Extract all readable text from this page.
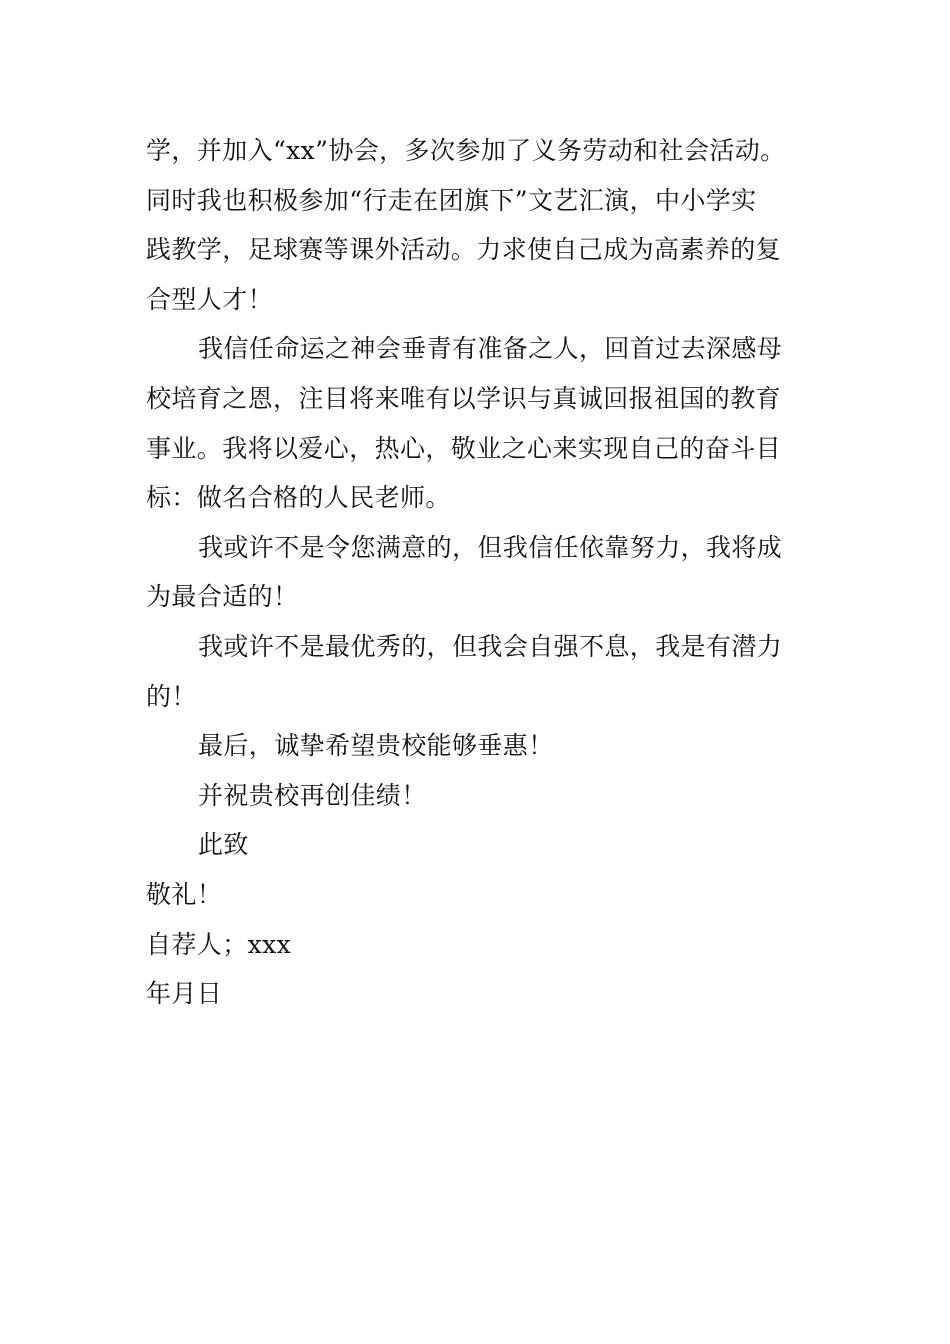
学，并加入“xx”协会，多次参加了义务劳动和社会活动。
同时我也积极参加“行走在团旗下”文艺汇演，中小学实
践教学，足球赛等课外活动。力求使自己成为高素养的复
合型人才！
我信任命运之神会垂青有准备之人，回首过去深感母
校培育之恩，注目将来唯有以学识与真诚回报祖国的教育
事业。我将以爱心，热心，敬业之心来实现自己的奋斗目
标：做名合格的人民老师。
我或许不是令您满意的，但我信任依靠努力，我将成
为最合适的！
我或许不是最优秀的，但我会自强不息，我是有潜力
的！
最后，诚挚希望贵校能够垂惠！
并祝贵校再创佳绩！
此致
敬礼！
自荐人；xxx
年月日
